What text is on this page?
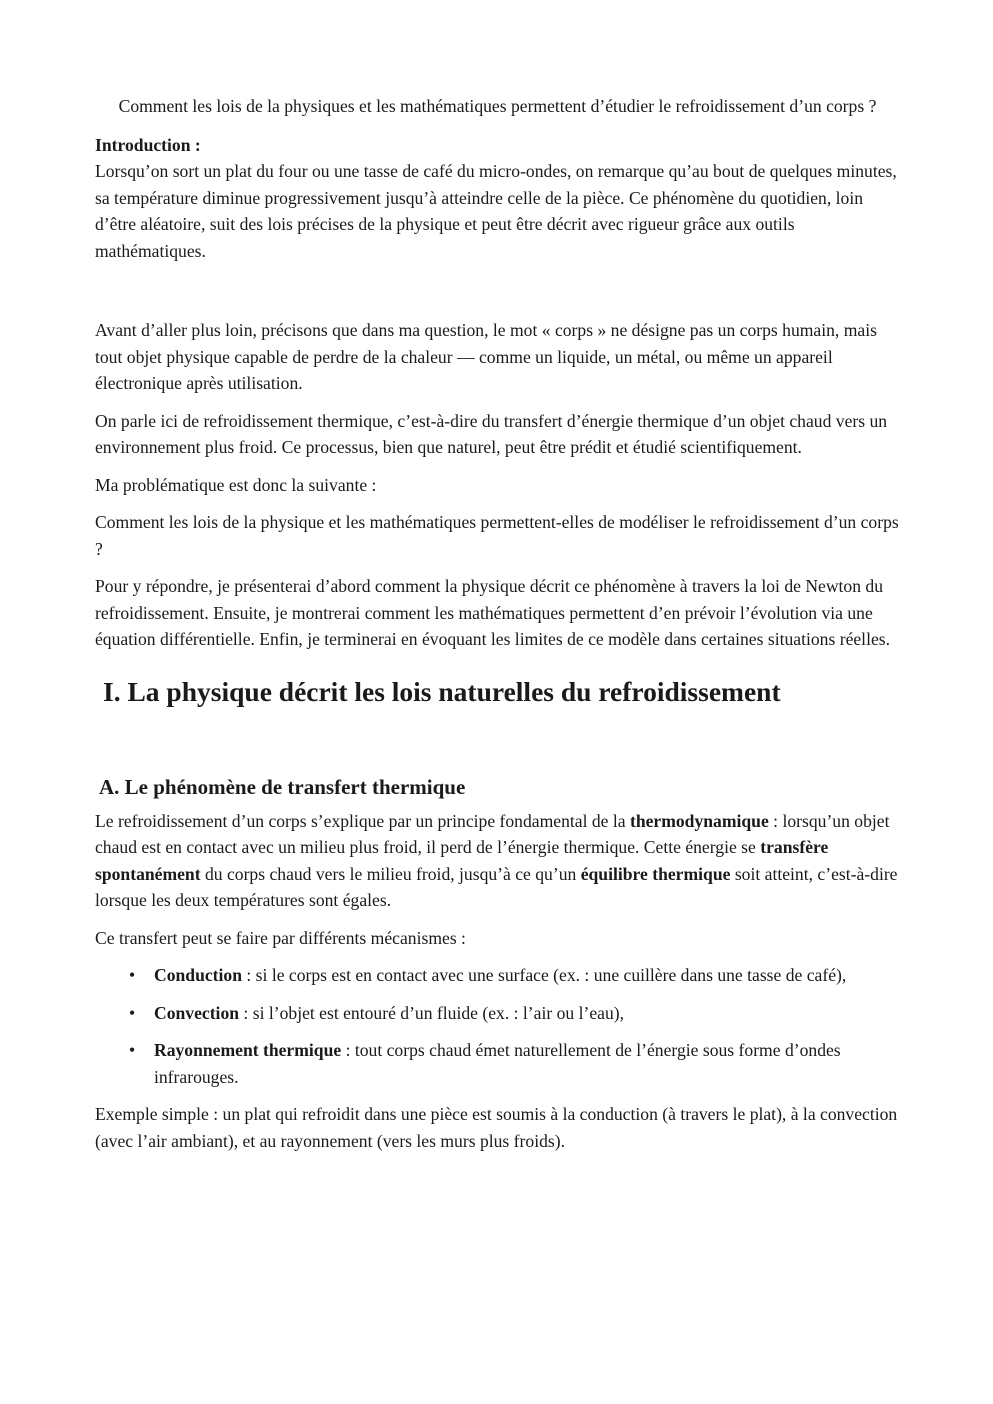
Comment les lois de la physiques et les mathématiques permettent d’étudier le refroidissement d’un corps ?

Introduction :

Lorsqu’on sort un plat du four ou une tasse de café du micro-ondes, on remarque qu’au bout de quelques minutes, sa température diminue progressivement jusqu’à atteindre celle de la pièce. Ce phénomène du quotidien, loin d’être aléatoire, suit des lois précises de la physique et peut être décrit avec rigueur grâce aux outils mathématiques.

Avant d’aller plus loin, précisons que dans ma question, le mot « corps » ne désigne pas un corps humain, mais tout objet physique capable de perdre de la chaleur — comme un liquide, un métal, ou même un appareil électronique après utilisation.

On parle ici de refroidissement thermique, c’est-à-dire du transfert d’énergie thermique d’un objet chaud vers un environnement plus froid. Ce processus, bien que naturel, peut être prédit et étudié scientifiquement.

Ma problématique est donc la suivante :

Comment les lois de la physique et les mathématiques permettent-elles de modéliser le refroidissement d’un corps ?

Pour y répondre, je présenterai d’abord comment la physique décrit ce phénomène à travers la loi de Newton du refroidissement. Ensuite, je montrerai comment les mathématiques permettent d’en prévoir l’évolution via une équation différentielle. Enfin, je terminerai en évoquant les limites de ce modèle dans certaines situations réelles.

I. La physique décrit les lois naturelles du refroidissement
A. Le phénomène de transfert thermique

Le refroidissement d’un corps s’explique par un principe fondamental de la thermodynamique : lorsqu’un objet chaud est en contact avec un milieu plus froid, il perd de l’énergie thermique. Cette énergie se transfère spontanément du corps chaud vers le milieu froid, jusqu’à ce qu’un équilibre thermique soit atteint, c’est-à-dire lorsque les deux températures sont égales.

Ce transfert peut se faire par différents mécanismes :

• Conduction : si le corps est en contact avec une surface (ex. : une cuillère dans une tasse de café),
• Convection : si l’objet est entouré d’un fluide (ex. : l’air ou l’eau),
• Rayonnement thermique : tout corps chaud émet naturellement de l’énergie sous forme d’ondes infrarouges.

Exemple simple : un plat qui refroidit dans une pièce est soumis à la conduction (à travers le plat), à la convection (avec l’air ambiant), et au rayonnement (vers les murs plus froids).
